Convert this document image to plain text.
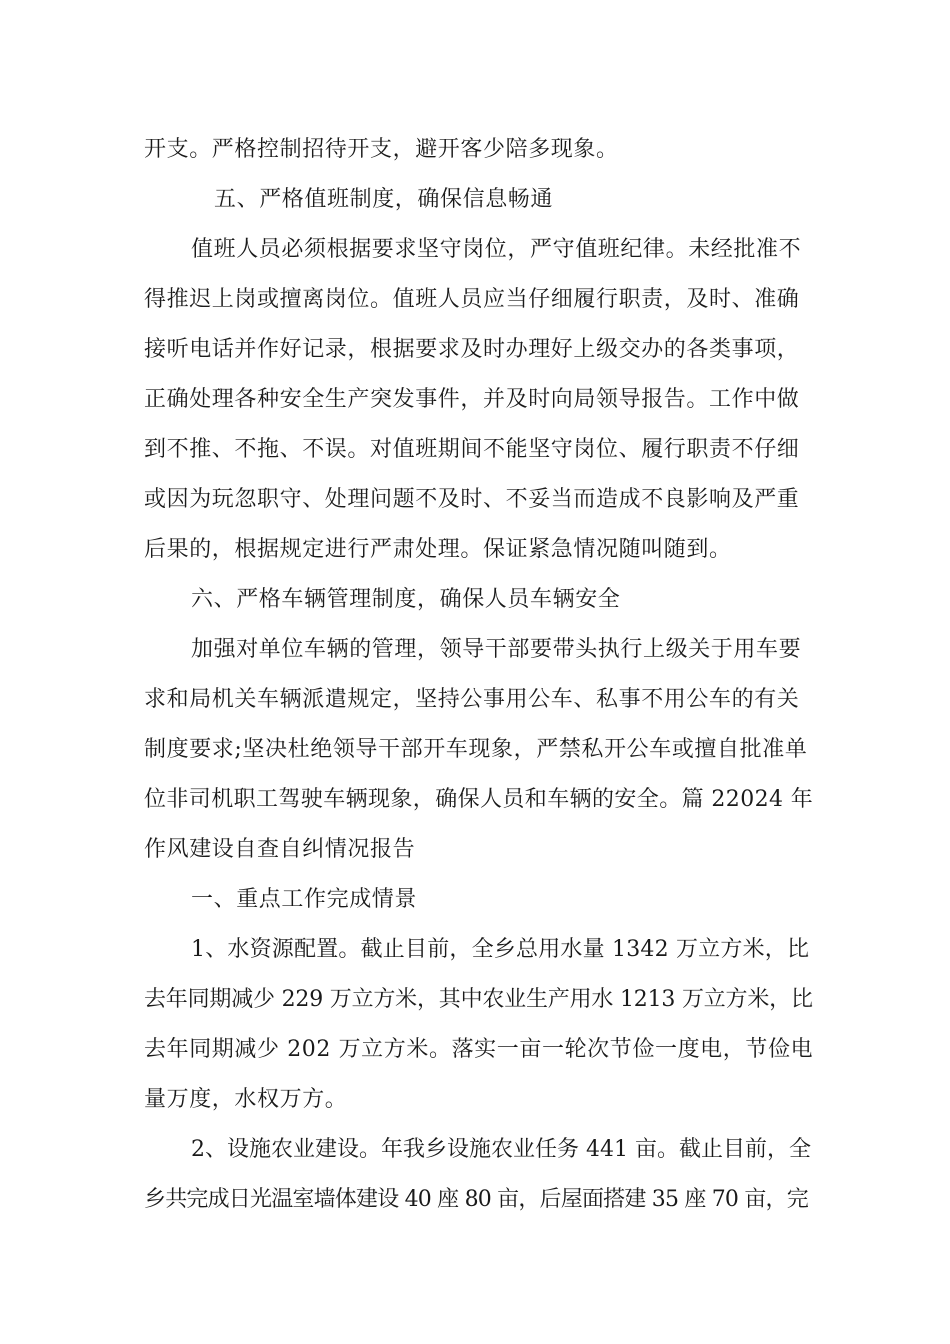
开支。严格控制招待开支，避开客少陪多现象。
五、严格值班制度，确保信息畅通
值班人员必须根据要求坚守岗位，严守值班纪律。未经批准不
得推迟上岗或擅离岗位。值班人员应当仔细履行职责，及时、准确
接听电话并作好记录，根据要求及时办理好上级交办的各类事项，
正确处理各种安全生产突发事件，并及时向局领导报告。工作中做
到不推、不拖、不误。对值班期间不能坚守岗位、履行职责不仔细
或因为玩忽职守、处理问题不及时、不妥当而造成不良影响及严重
后果的，根据规定进行严肃处理。保证紧急情况随叫随到。
六、严格车辆管理制度，确保人员车辆安全
加强对单位车辆的管理，领导干部要带头执行上级关于用车要
求和局机关车辆派遣规定，坚持公事用公车、私事不用公车的有关
制度要求;坚决杜绝领导干部开车现象，严禁私开公车或擅自批准单
位非司机职工驾驶车辆现象，确保人员和车辆的安全。篇 22024 年
作风建设自查自纠情况报告
一、重点工作完成情景
1、水资源配置。截止目前，全乡总用水量 1342 万立方米，比
去年同期减少 229 万立方米，其中农业生产用水 1213 万立方米，比
去年同期减少 202 万立方米。落实一亩一轮次节俭一度电，节俭电
量万度，水权万方。
2、设施农业建设。年我乡设施农业任务 441 亩。截止目前，全
乡共完成日光温室墙体建设 40 座 80 亩，后屋面搭建 35 座 70 亩，完
